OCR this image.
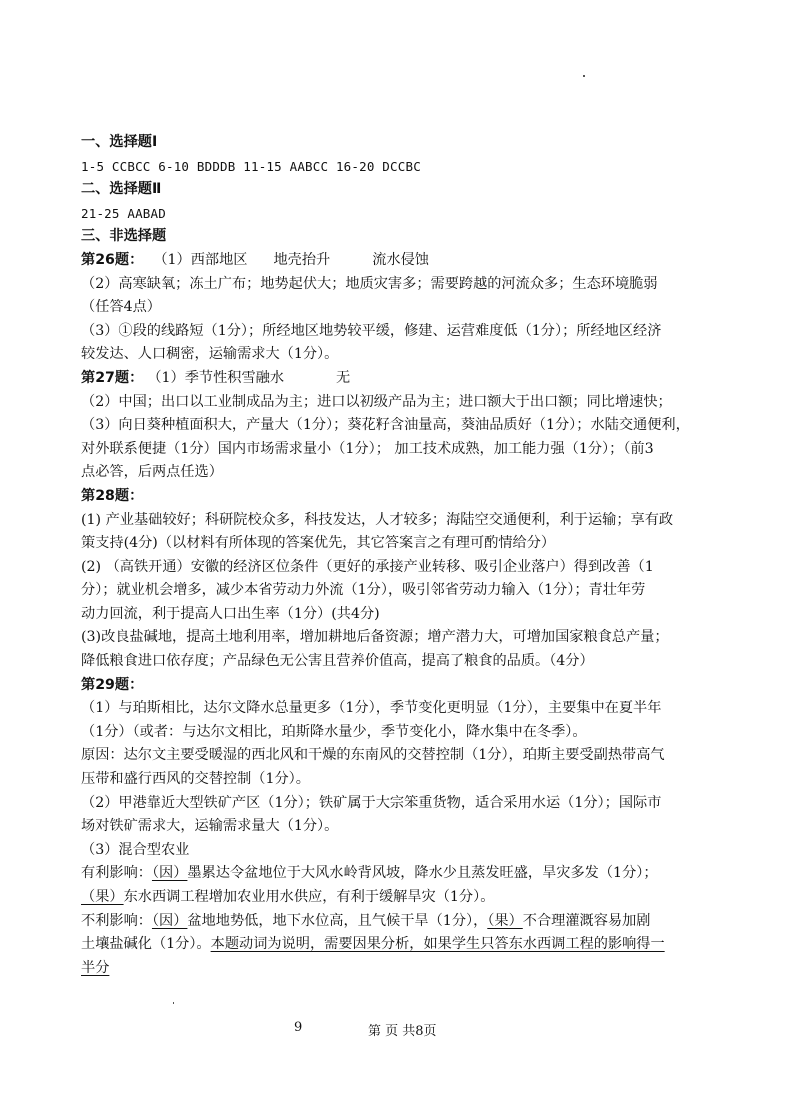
一、选择题Ⅰ
1-5 CCBCC 6-10 BDDDB 11-15 AABCC 16-20 DCCBC
二、选择题Ⅱ
21-25 AABAD
三、非选择题
第26题： （1）西部地区 地壳抬升	流水侵蚀
（2）高寒缺氧；冻土广布；地势起伏大；地质灾害多；需要跨越的河流众多；生态环境脆弱
（任答4点）
（3）①段的线路短（1分）；所经地区地势较平缓，修建、运营难度低（1分）；所经地区经济
较发达、人口稠密，运输需求大（1分）。
第27题： （1）季节性积雪融水	无
（2）中国；出口以工业制成品为主；进口以初级产品为主；进口额大于出口额；同比增速快；
（3）向日葵种植面积大，产量大（1分）；葵花籽含油量高，葵油品质好（1分）；水陆交通便利，
对外联系便捷（1分）国内市场需求量小（1分）； 加工技术成熟，加工能力强（1分）；（前3
点必答，后两点任选）
第28题：
(1) 产业基础较好；科研院校众多，科技发达，人才较多；海陆空交通便利，利于运输；享有政
策支持(4分)（以材料有所体现的答案优先，其它答案言之有理可酌情给分）
(2) （高铁开通）安徽的经济区位条件（更好的承接产业转移、吸引企业落户）得到改善（1
分）；就业机会增多，减少本省劳动力外流（1分），吸引邻省劳动力输入（1分）；青壮年劳
动力回流，利于提高人口出生率（1分）(共4分)
(3)改良盐碱地，提高土地利用率，增加耕地后备资源；增产潜力大，可增加国家粮食总产量；
降低粮食进口依存度；产品绿色无公害且营养价值高，提高了粮食的品质。（4分）
第29题：
（1）与珀斯相比，达尔文降水总量更多（1分），季节变化更明显（1分），主要集中在夏半年
（1分）（或者：与达尔文相比，珀斯降水量少，季节变化小，降水集中在冬季）。
原因：达尔文主要受暖湿的西北风和干燥的东南风的交替控制（1分），珀斯主要受副热带高气
压带和盛行西风的交替控制（1分）。
（2）甲港靠近大型铁矿产区（1分）；铁矿属于大宗笨重货物，适合采用水运（1分）；国际市
场对铁矿需求大，运输需求量大（1分）。
（3）混合型农业
有利影响：（因）墨累达令盆地位于大风水岭背风坡，降水少且蒸发旺盛，旱灾多发（1分）；
（果）东水西调工程增加农业用水供应，有利于缓解旱灾（1分）。
不利影响：（因）盆地地势低，地下水位高，且气候干旱（1分），（果）不合理灌溉容易加剧
土壤盐碱化（1分）。本题动词为说明，需要因果分析，如果学生只答东水西调工程的影响得一
半分
9	第 页 共8页
